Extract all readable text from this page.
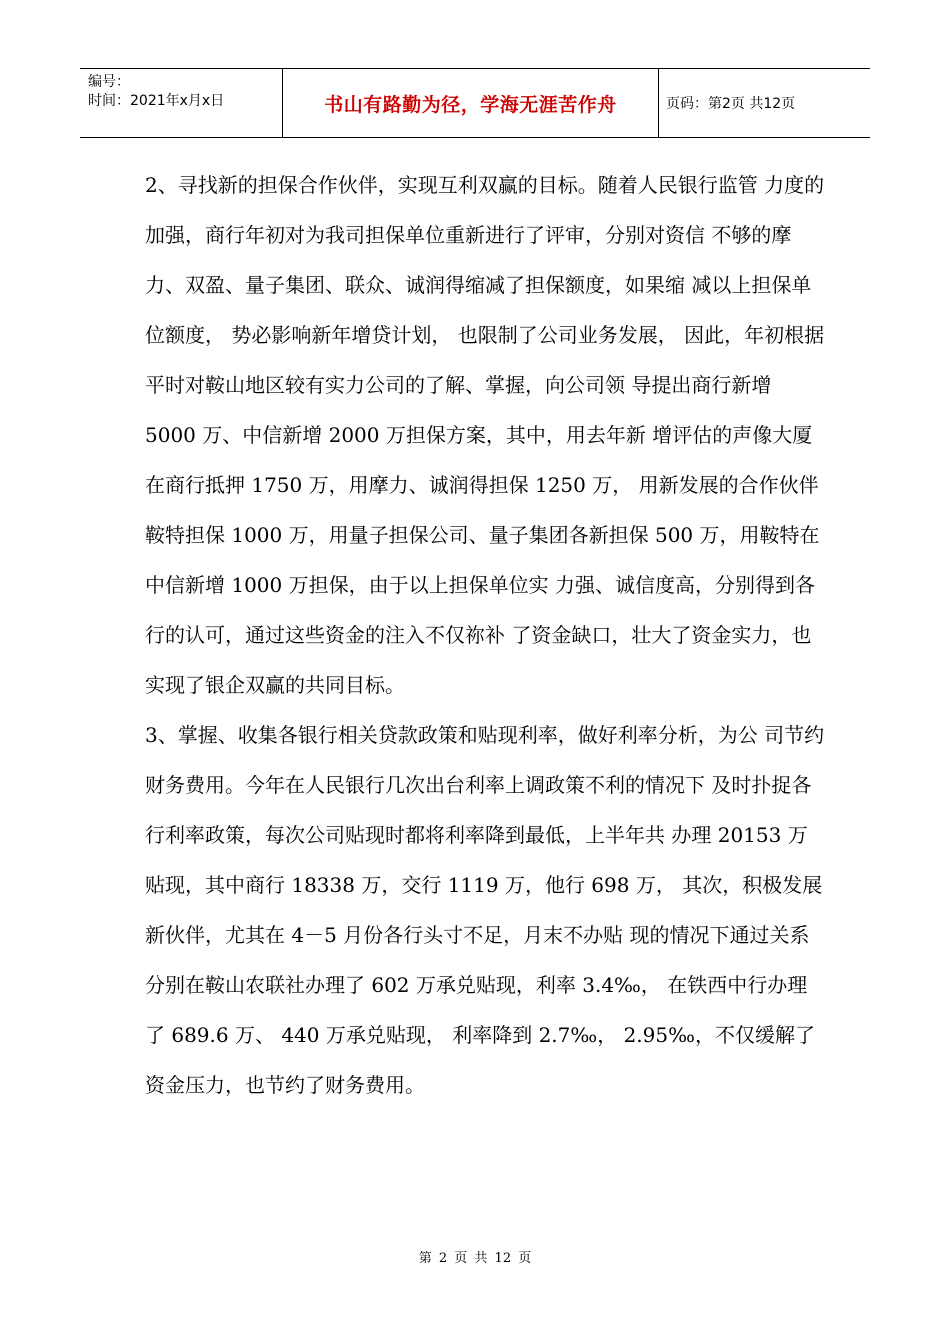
编号：
时间：2021年x月x日	书山有路勤为径，学海无涯苦作舟	页码：第2页 共12页

2、寻找新的担保合作伙伴，实现互利双赢的目标。随着人民银行监管 力度的加强，商行年初对为我司担保单位重新进行了评审，分别对资信 不够的摩力、双盈、量子集团、联众、诚润得缩减了担保额度，如果缩 减以上担保单位额度， 势必影响新年增贷计划， 也限制了公司业务发展， 因此，年初根据平时对鞍山地区较有实力公司的了解、掌握，向公司领 导提出商行新增 5000 万、中信新增 2000 万担保方案，其中，用去年新 增评估的声像大厦在商行抵押 1750 万，用摩力、诚润得担保 1250 万， 用新发展的合作伙伴鞍特担保 1000 万，用量子担保公司、量子集团各新担保 500 万，用鞍特在中信新增 1000 万担保，由于以上担保单位实 力强、诚信度高，分别得到各行的认可，通过这些资金的注入不仅祢补 了资金缺口，壮大了资金实力，也实现了银企双赢的共同目标。

3、掌握、收集各银行相关贷款政策和贴现利率，做好利率分析，为公 司节约财务费用。今年在人民银行几次出台利率上调政策不利的情况下 及时扑捉各行利率政策，每次公司贴现时都将利率降到最低，上半年共 办理 20153 万贴现，其中商行 18338 万，交行 1119 万，他行 698 万， 其次，积极发展新伙伴，尤其在 4－5 月份各行头寸不足，月末不办贴 现的情况下通过关系分别在鞍山农联社办理了 602 万承兑贴现，利率 3.4‰， 在铁西中行办理了 689.6 万、 440 万承兑贴现， 利率降到 2.7‰， 2.95‰，不仅缓解了资金压力，也节约了财务费用。

第 2 页 共 12 页
